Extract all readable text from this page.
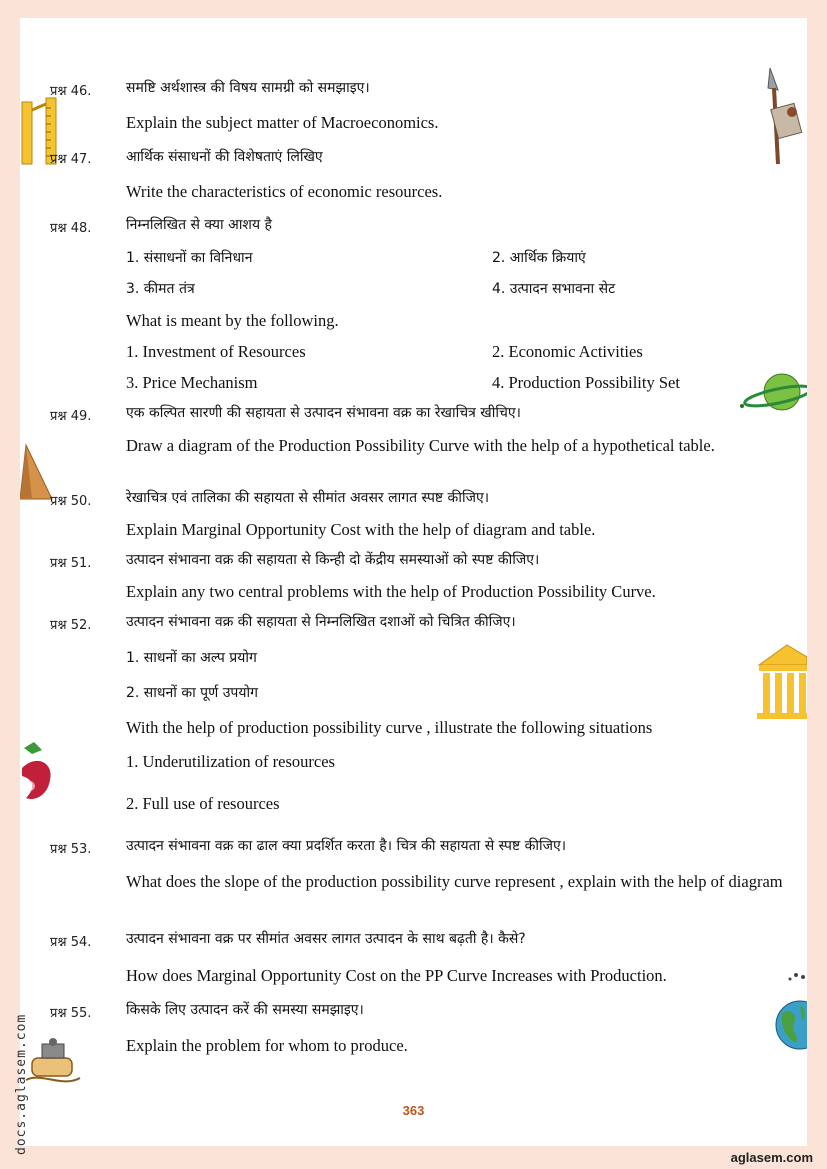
प्रश्न 46. समष्टि अर्थशास्त्र की विषय सामग्री को समझाइए।
Explain the subject matter of Macroeconomics.
प्रश्न 47. आर्थिक संसाधनों की विशेषताएं लिखिए
Write the characteristics of economic resources.
प्रश्न 48. निम्नलिखित से क्या आशय है
1. संसाधनों का विनिधान	2. आर्थिक क्रियाएं
3. कीमत तंत्र	4. उत्पादन सभावना सेट
What is meant by the following.
1. Investment of Resources	2. Economic Activities
3. Price Mechanism	4. Production Possibility Set
प्रश्न 49. एक कल्पित सारणी की सहायता से उत्पादन संभावना वक्र का रेखाचित्र खीचिए।
Draw a diagram of the Production Possibility Curve with the help of a hypothetical table.
प्रश्न 50. रेखाचित्र एवं तालिका की सहायता से सीमांत अवसर लागत स्पष्ट कीजिए।
Explain Marginal Opportunity Cost with the help of diagram and table.
प्रश्न 51. उत्पादन संभावना वक्र की सहायता से किन्ही दो केंद्रीय समस्याओं को स्पष्ट कीजिए।
Explain any two central problems with the help of Production Possibility Curve.
प्रश्न 52. उत्पादन संभावना वक्र की सहायता से निम्नलिखित दशाओं को चित्रित कीजिए।
1. साधनों का अल्प प्रयोग
2. साधनों का पूर्ण उपयोग
With the help of production possibility curve , illustrate the following situations
1. Underutilization of resources
2. Full use of resources
प्रश्न 53. उत्पादन संभावना वक्र का ढाल क्या प्रदर्शित करता है। चित्र की सहायता से स्पष्ट कीजिए।
What does the slope of the production possibility curve represent , explain with the help of diagram
प्रश्न 54. उत्पादन संभावना वक्र पर सीमांत अवसर लागत उत्पादन के साथ बढ़ती है। कैसे?
How does Marginal Opportunity Cost on the PP Curve Increases with Production.
प्रश्न 55. किसके लिए उत्पादन करें की समस्या समझाइए।
Explain the problem for whom to produce.
363
docs.aglasem.com
aglasem.com
